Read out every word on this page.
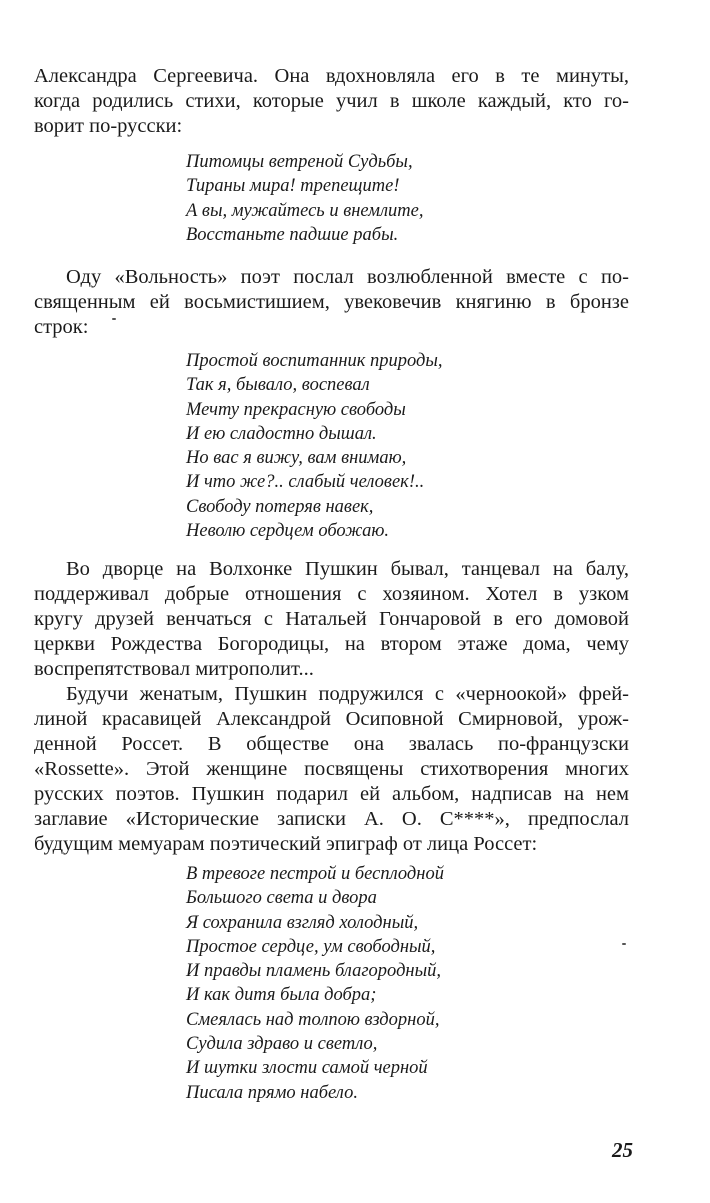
Александра Сергеевича. Она вдохновляла его в те минуты,
когда родились стихи, которые учил в школе каждый, кто го-
ворит по-русски:
Питомцы ветреной Судьбы,
Тираны мира! трепещите!
А вы, мужайтесь и внемлите,
Восстаньте падшие рабы.
Оду «Вольность» поэт послал возлюбленной вместе с по-
священным ей восьмистишием, увековечив княгиню в бронзе
строк:
Простой воспитанник природы,
Так я, бывало, воспевал
Мечту прекрасную свободы
И ею сладостно дышал.
Но вас я вижу, вам внимаю,
И что же?.. слабый человек!..
Свободу потеряв навек,
Неволю сердцем обожаю.
Во дворце на Волхонке Пушкин бывал, танцевал на балу,
поддерживал добрые отношения с хозяином. Хотел в узком
кругу друзей венчаться с Натальей Гончаровой в его домовой
церкви Рождества Богородицы, на втором этаже дома, чему
воспрепятствовал митрополит...
Будучи женатым, Пушкин подружился с «черноокой» фрей-
линой красавицей Александрой Осиповной Смирновой, урож-
денной Россет. В обществе она звалась по-французски
«Rossette». Этой женщине посвящены стихотворения многих
русских поэтов. Пушкин подарил ей альбом, надписав на нем
заглавие «Исторические записки А. О. С****», предпослал
будущим мемуарам поэтический эпиграф от лица Россет:
В тревоге пестрой и бесплодной
Большого света и двора
Я сохранила взгляд холодный,
Простое сердце, ум свободный,
И правды пламень благородный,
И как дитя была добра;
Смеялась над толпою вздорной,
Судила здраво и светло,
И шутки злости самой черной
Писала прямо набело.
25
